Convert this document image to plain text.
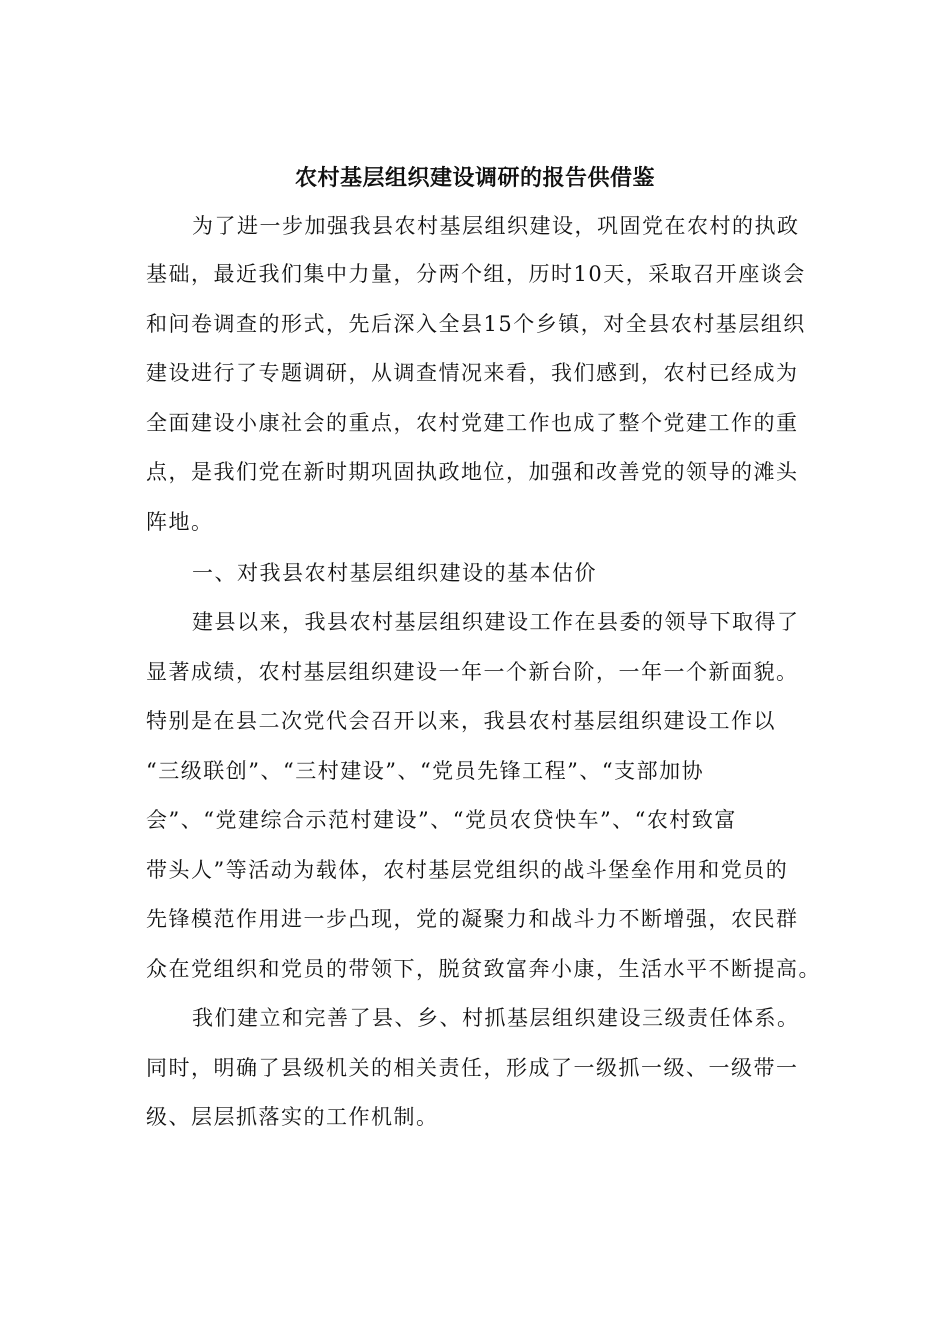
农村基层组织建设调研的报告供借鉴
为了进一步加强我县农村基层组织建设，巩固党在农村的执政
基础，最近我们集中力量，分两个组，历时10天，采取召开座谈会
和问卷调查的形式，先后深入全县15个乡镇，对全县农村基层组织
建设进行了专题调研，从调查情况来看，我们感到，农村已经成为
全面建设小康社会的重点，农村党建工作也成了整个党建工作的重
点，是我们党在新时期巩固执政地位，加强和改善党的领导的滩头
阵地。
一、对我县农村基层组织建设的基本估价
建县以来，我县农村基层组织建设工作在县委的领导下取得了
显著成绩，农村基层组织建设一年一个新台阶，一年一个新面貌。
特别是在县二次党代会召开以来，我县农村基层组织建设工作以
“三级联创”、“三村建设”、“党员先锋工程”、“支部加协
会”、“党建综合示范村建设”、“党员农贷快车”、“农村致富
带头人”等活动为载体，农村基层党组织的战斗堡垒作用和党员的
先锋模范作用进一步凸现，党的凝聚力和战斗力不断增强，农民群
众在党组织和党员的带领下，脱贫致富奔小康，生活水平不断提高。
我们建立和完善了县、乡、村抓基层组织建设三级责任体系。
同时，明确了县级机关的相关责任，形成了一级抓一级、一级带一
级、层层抓落实的工作机制。
